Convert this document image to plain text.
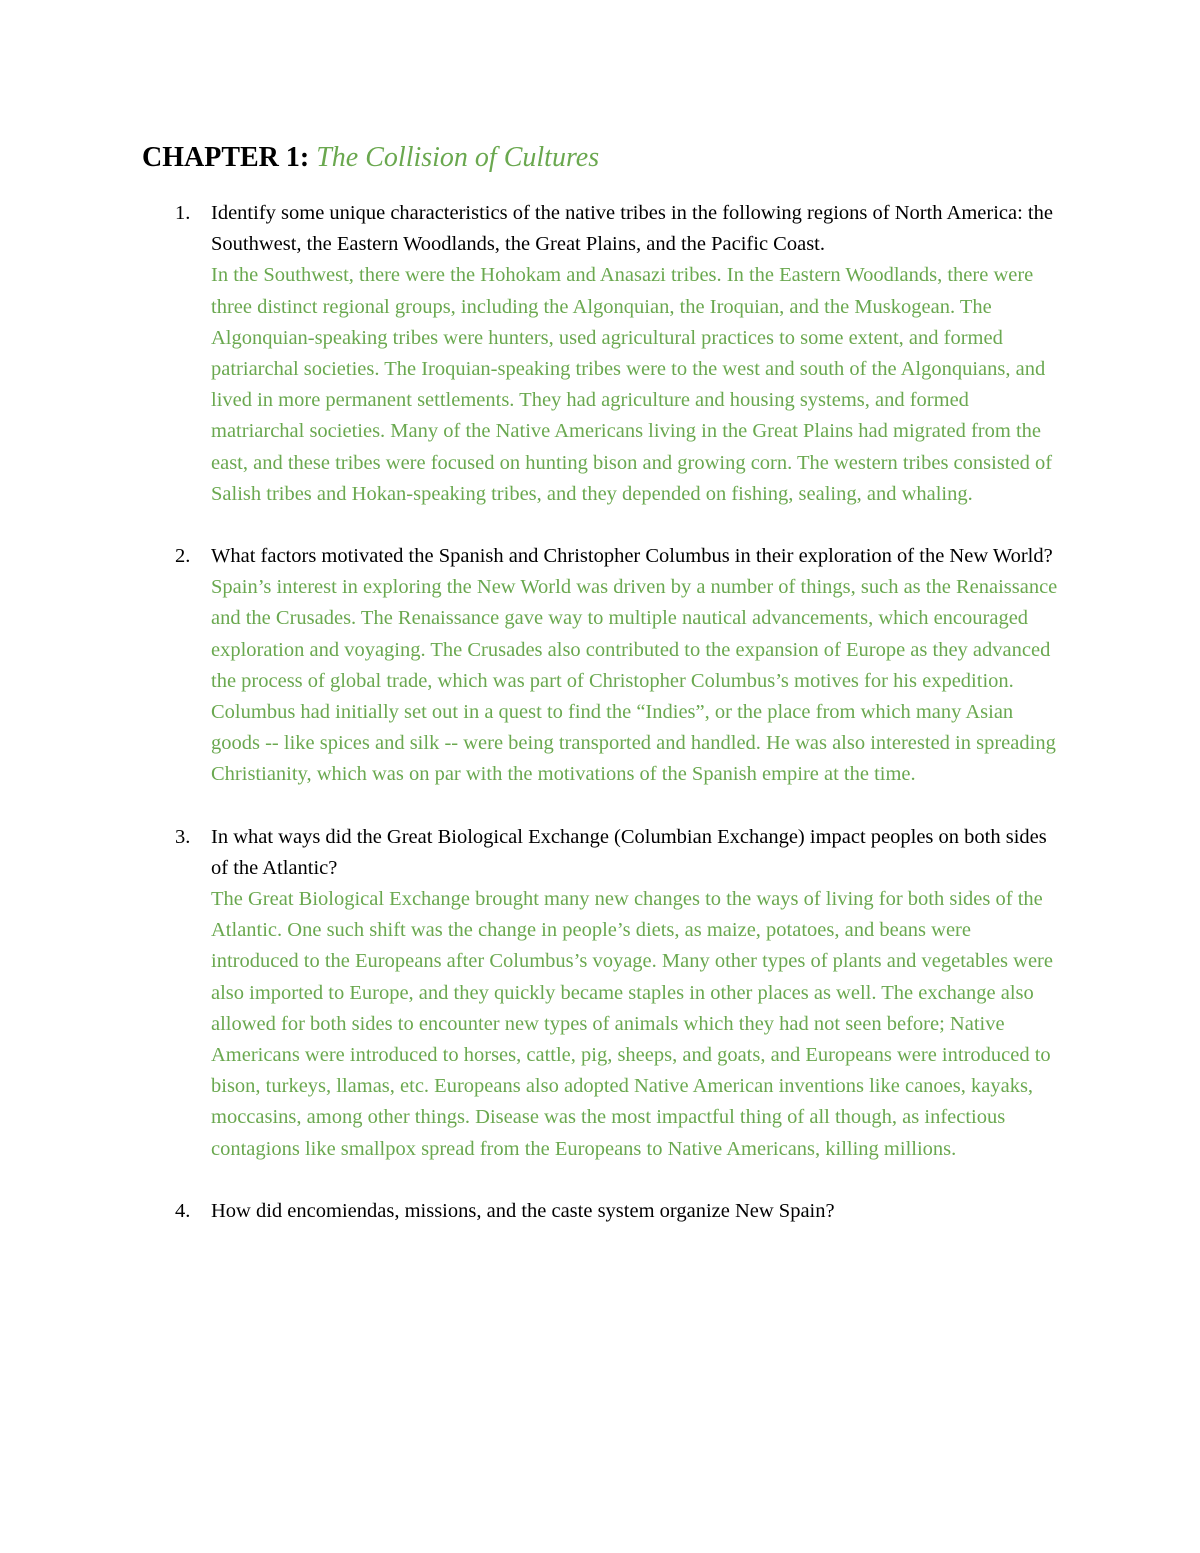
CHAPTER 1: The Collision of Cultures
1. Identify some unique characteristics of the native tribes in the following regions of North America: the Southwest, the Eastern Woodlands, the Great Plains, and the Pacific Coast.
In the Southwest, there were the Hohokam and Anasazi tribes. In the Eastern Woodlands, there were three distinct regional groups, including the Algonquian, the Iroquian, and the Muskogean. The Algonquian-speaking tribes were hunters, used agricultural practices to some extent, and formed patriarchal societies. The Iroquian-speaking tribes were to the west and south of the Algonquians, and lived in more permanent settlements. They had agriculture and housing systems, and formed matriarchal societies. Many of the Native Americans living in the Great Plains had migrated from the east, and these tribes were focused on hunting bison and growing corn. The western tribes consisted of Salish tribes and Hokan-speaking tribes, and they depended on fishing, sealing, and whaling.
2. What factors motivated the Spanish and Christopher Columbus in their exploration of the New World?
Spain’s interest in exploring the New World was driven by a number of things, such as the Renaissance and the Crusades. The Renaissance gave way to multiple nautical advancements, which encouraged exploration and voyaging. The Crusades also contributed to the expansion of Europe as they advanced the process of global trade, which was part of Christopher Columbus’s motives for his expedition. Columbus had initially set out in a quest to find the “Indies”, or the place from which many Asian goods -- like spices and silk -- were being transported and handled. He was also interested in spreading Christianity, which was on par with the motivations of the Spanish empire at the time.
3. In what ways did the Great Biological Exchange (Columbian Exchange) impact peoples on both sides of the Atlantic?
The Great Biological Exchange brought many new changes to the ways of living for both sides of the Atlantic. One such shift was the change in people’s diets, as maize, potatoes, and beans were introduced to the Europeans after Columbus’s voyage. Many other types of plants and vegetables were also imported to Europe, and they quickly became staples in other places as well. The exchange also allowed for both sides to encounter new types of animals which they had not seen before; Native Americans were introduced to horses, cattle, pig, sheeps, and goats, and Europeans were introduced to bison, turkeys, llamas, etc. Europeans also adopted Native American inventions like canoes, kayaks, moccasins, among other things. Disease was the most impactful thing of all though, as infectious contagions like smallpox spread from the Europeans to Native Americans, killing millions.
4. How did encomiendas, missions, and the caste system organize New Spain?
